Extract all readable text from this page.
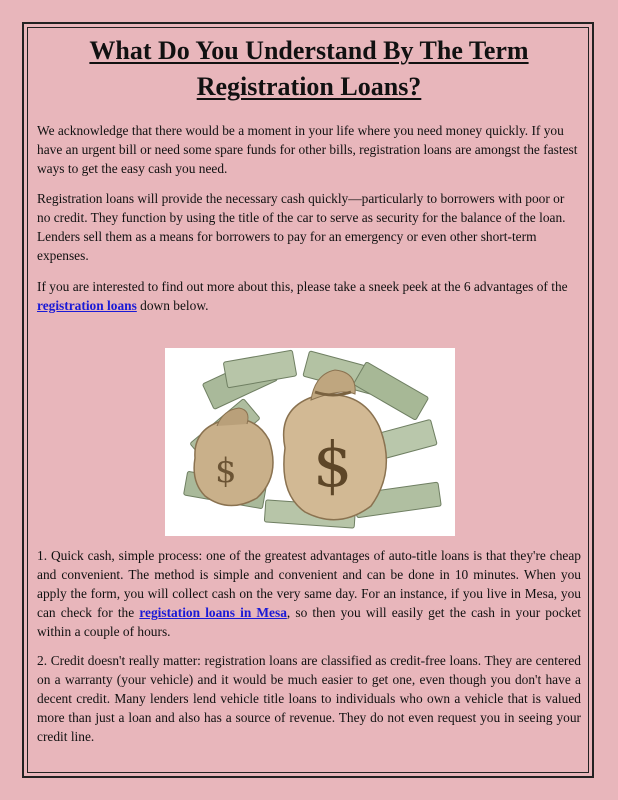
What Do You Understand By The Term
Registration Loans?

We acknowledge that there would be a moment in your life where you need money quickly. If you have an urgent bill or need some spare funds for other bills, registration loans are amongst the fastest ways to get the easy cash you need.

Registration loans will provide the necessary cash quickly—particularly to borrowers with poor or no credit. They function by using the title of the car to serve as security for the balance of the loan. Lenders sell them as a means for borrowers to pay for an emergency or even other short-term expenses.

If you are interested to find out more about this, please take a sneek peek at the 6 advantages of the registration loans down below.

$ $

1. Quick cash, simple process: one of the greatest advantages of auto-title loans is that they're cheap and convenient. The method is simple and convenient and can be done in 10 minutes. When you apply the form, you will collect cash on the very same day. For an instance, if you live in Mesa, you can check for the registation loans in Mesa, so then you will easily get the cash in your pocket within a couple of hours.

2. Credit doesn't really matter: registration loans are classified as credit-free loans. They are centered on a warranty (your vehicle) and it would be much easier to get one, even though you don't have a decent credit. Many lenders lend vehicle title loans to individuals who own a vehicle that is valued more than just a loan and also has a source of revenue. They do not even request you in seeing your credit line.
